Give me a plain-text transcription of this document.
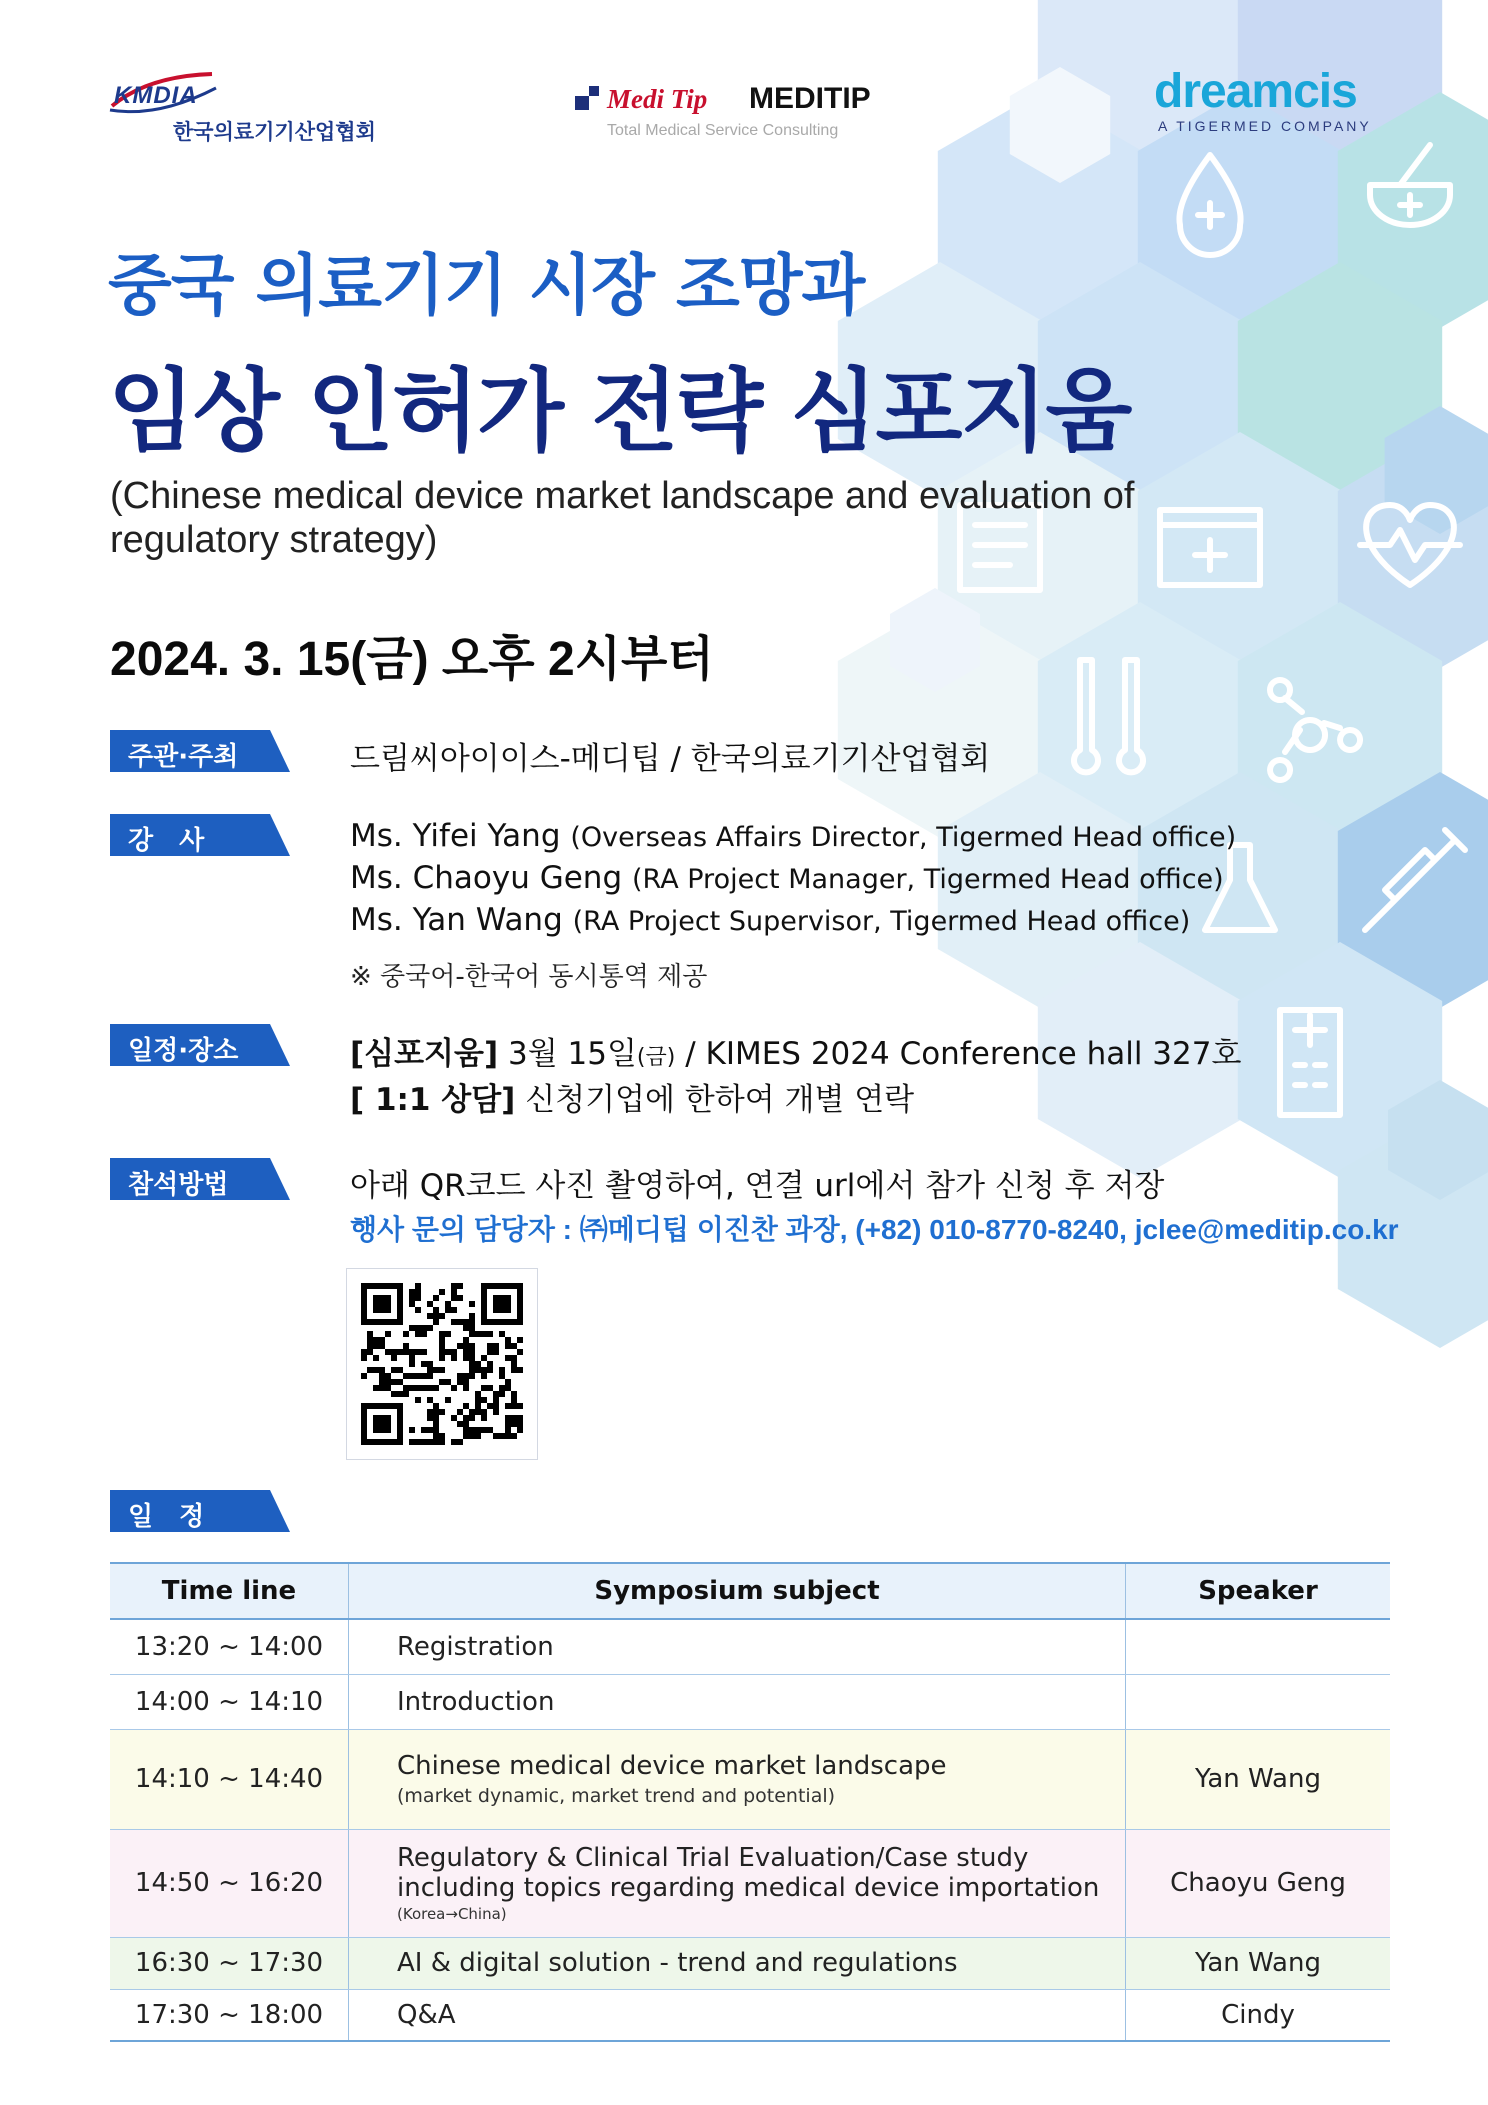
KMDIA
한국의료기기산업협회
Medi Tip MEDITIP
Total Medical Service Consulting
dreamcis
A TIGERMED COMPANY
중국 의료기기 시장 조망과
임상 인허가 전략 심포지움
(Chinese medical device market landscape and evaluation of regulatory strategy)
2024. 3. 15(금) 오후 2시부터
주관·주최	드림씨아이이스-메디팁 / 한국의료기기산업협회
강　사	Ms. Yifei Yang (Overseas Affairs Director, Tigermed Head office)
Ms. Chaoyu Geng (RA Project Manager, Tigermed Head office)
Ms. Yan Wang (RA Project Supervisor, Tigermed Head office)
※ 중국어-한국어 동시통역 제공
일정·장소	[심포지움] 3월 15일(금) / KIMES 2024 Conference hall 327호
[ 1:1 상담] 신청기업에 한하여 개별 연락
참석방법	아래 QR코드 사진 촬영하여, 연결 url에서 참가 신청 후 저장
행사 문의 담당자 : ㈜메디팁 이진찬 과장, (+82) 010-8770-8240, jclee@meditip.co.kr
일　정
Time line	Symposium subject	Speaker
13:20 ~ 14:00	Registration	
14:00 ~ 14:10	Introduction	
14:10 ~ 14:40	Chinese medical device market landscape
(market dynamic, market trend and potential)	Yan Wang
14:50 ~ 16:20	Regulatory & Clinical Trial Evaluation/Case study
including topics regarding medical device importation
(Korea→China)	Chaoyu Geng
16:30 ~ 17:30	AI & digital solution - trend and regulations	Yan Wang
17:30 ~ 18:00	Q&A	Cindy
